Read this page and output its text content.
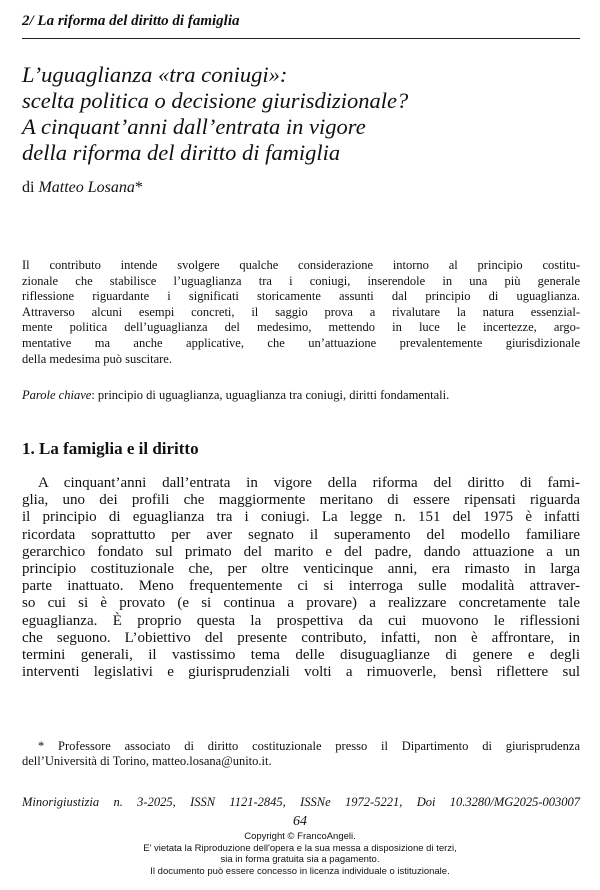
2/ La riforma del diritto di famiglia
L’uguaglianza «tra coniugi»:
scelta politica o decisione giurisdizionale?
A cinquant’anni dall’entrata in vigore
della riforma del diritto di famiglia
di Matteo Losana*
Il contributo intende svolgere qualche considerazione intorno al principio costitu-
zionale che stabilisce l’uguaglianza tra i coniugi, inserendole in una più generale
riflessione riguardante i significati storicamente assunti dal principio di uguaglianza.
Attraverso alcuni esempi concreti, il saggio prova a rivalutare la natura essenzial-
mente politica dell’uguaglianza del medesimo, mettendo in luce le incertezze, argo-
mentative ma anche applicative, che un’attuazione prevalentemente giurisdizionale
della medesima può suscitare.
Parole chiave: principio di uguaglianza, uguaglianza tra coniugi, diritti fondamentali.
1. La famiglia e il diritto
A cinquant’anni dall’entrata in vigore della riforma del diritto di fami-
glia, uno dei profili che maggiormente meritano di essere ripensati riguarda
il principio di eguaglianza tra i coniugi. La legge n. 151 del 1975 è infatti
ricordata soprattutto per aver segnato il superamento del modello familiare
gerarchico fondato sul primato del marito e del padre, dando attuazione a un
principio costituzionale che, per oltre venticinque anni, era rimasto in larga
parte inattuato. Meno frequentemente ci si interroga sulle modalità attraver-
so cui si è provato (e si continua a provare) a realizzare concretamente tale
eguaglianza. È proprio questa la prospettiva da cui muovono le riflessioni
che seguono. L’obiettivo del presente contributo, infatti, non è affrontare, in
termini generali, il vastissimo tema delle disuguaglianze di genere e degli
interventi legislativi e giurisprudenziali volti a rimuoverle, bensì riflettere sul
* Professore associato di diritto costituzionale presso il Dipartimento di giurisprudenza
dell’Università di Torino, matteo.losana@unito.it.
Minorigiustizia n. 3-2025, ISSN 1121-2845, ISSNe 1972-5221, Doi 10.3280/MG2025-003007
64
Copyright © FrancoAngeli.
E' vietata la Riproduzione dell'opera e la sua messa a disposizione di terzi,
sia in forma gratuita sia a pagamento.
Il documento può essere concesso in licenza individuale o istituzionale.
